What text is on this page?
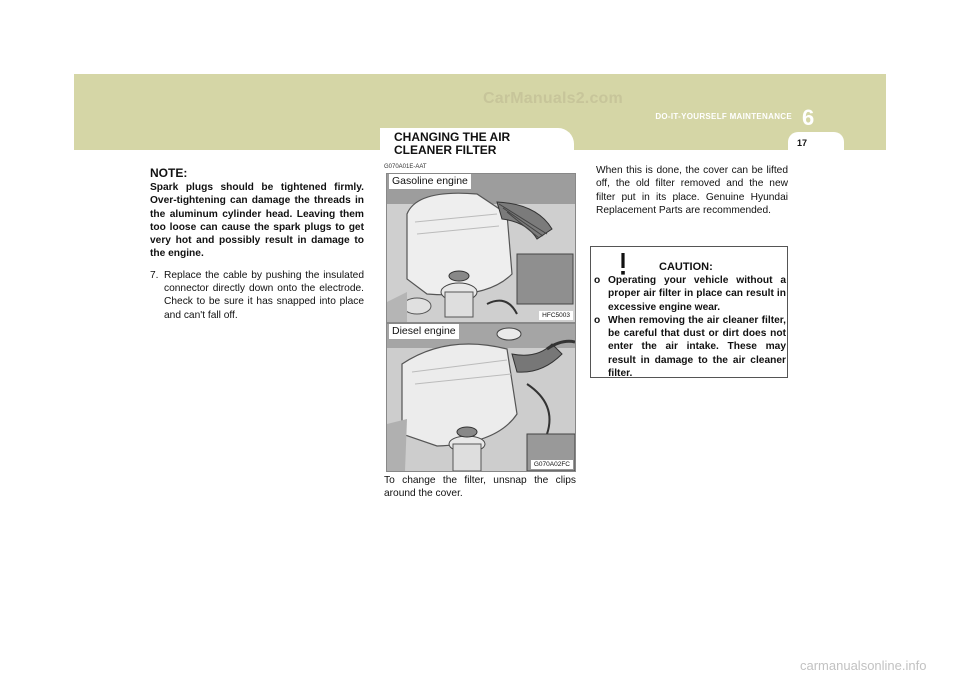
CarManuals2.com
DO-IT-YOURSELF MAINTENANCE 6
17
CHANGING THE AIR CLEANER FILTER
NOTE:
Spark plugs should be tightened firmly. Over-tightening can damage the threads in the aluminum cylinder head. Leaving them too loose can cause the spark plugs to get very hot and possibly result in damage to the engine.
7. Replace the cable by pushing the insulated connector directly down onto the electrode. Check to be sure it has snapped into place and can't fall off.
G070A01E-AAT
Gasoline engine
HFC5003
Diesel engine
G070A02FC
To change the filter, unsnap the clips around the cover.
When this is done, the cover can be lifted off, the old filter removed and the new filter put in its place. Genuine Hyundai Replacement Parts are recommended.
CAUTION:
o Operating your vehicle without a proper air filter in place can result in excessive engine wear.
o When removing the air cleaner filter, be careful that dust or dirt does not enter the air intake. These may result in damage to the air cleaner filter.
carmanualsonline.info
